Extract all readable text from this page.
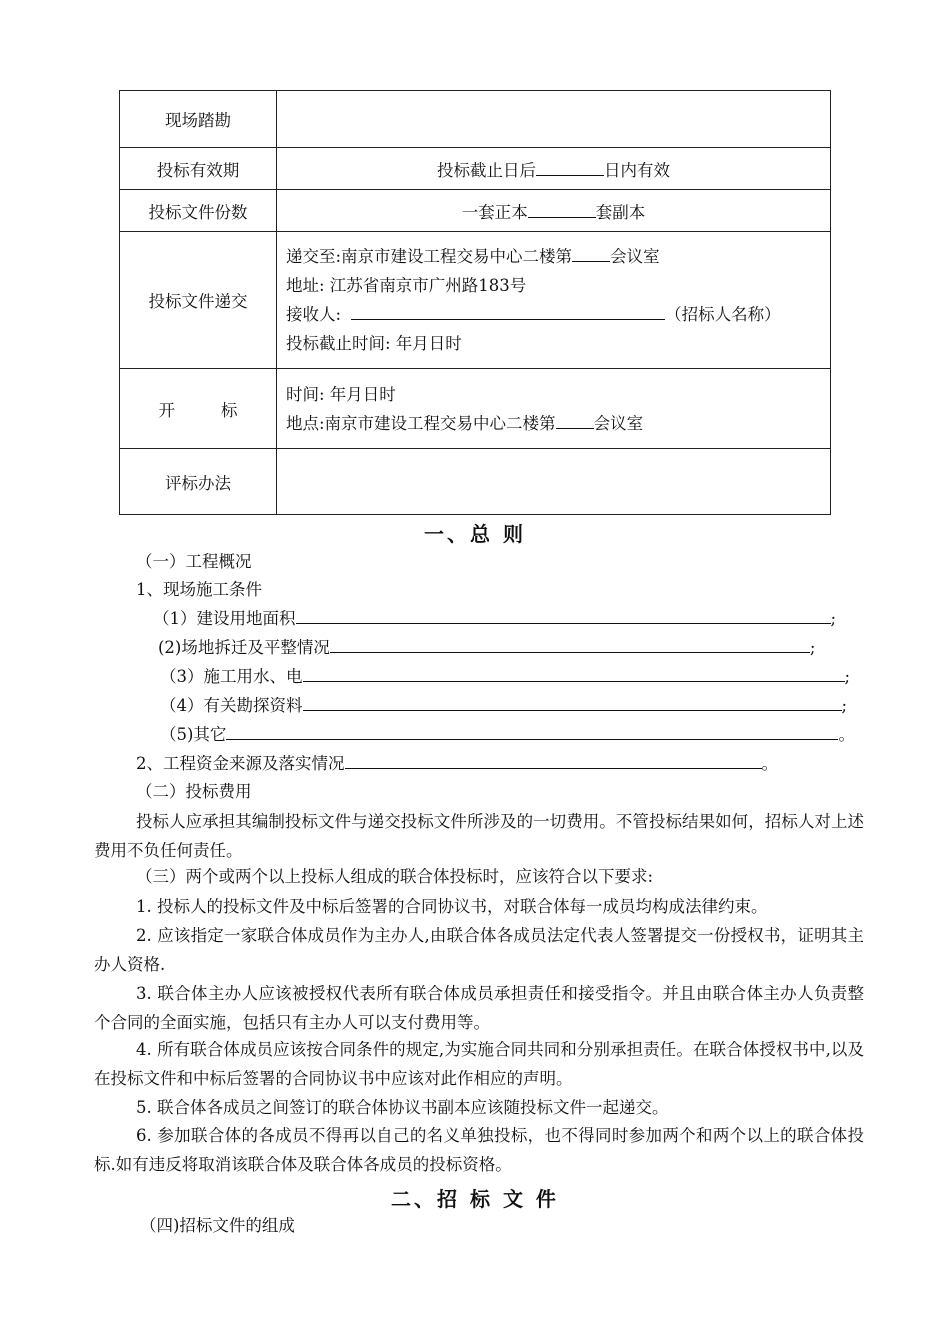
现场踏勘	
投标有效期	投标截止日后 日内有效
投标文件份数	一套正本 套副本
投标文件递交	递交至:南京市建设工程交易中心二楼第 会议室
地址: 江苏省南京市广州路183号
接收人: （招标人名称）
投标截止时间: 年月日时

开 标	时间: 年月日时
地点:南京市建设工程交易中心二楼第 会议室

评标办法	
一、总 则
（一）工程概况
1、现场施工条件
（1）建设用地面积	;
(2)场地拆迁及平整情况	;
（3）施工用水、电	;
（4）有关勘探资料	;
（5)其它	。
2、工程资金来源及落实情况	。
（二）投标费用
投标人应承担其编制投标文件与递交投标文件所涉及的一切费用。不管投标结果如何，招标人对上述费用不负任何责任。
（三）两个或两个以上投标人组成的联合体投标时，应该符合以下要求:
1. 投标人的投标文件及中标后签署的合同协议书，对联合体每一成员均构成法律约束。
2. 应该指定一家联合体成员作为主办人,由联合体各成员法定代表人签署提交一份授权书，证明其主办人资格.
3. 联合体主办人应该被授权代表所有联合体成员承担责任和接受指令。并且由联合体主办人负责整个合同的全面实施，包括只有主办人可以支付费用等。
4. 所有联合体成员应该按合同条件的规定,为实施合同共同和分别承担责任。在联合体授权书中,以及在投标文件和中标后签署的合同协议书中应该对此作相应的声明。
5. 联合体各成员之间签订的联合体协议书副本应该随投标文件一起递交。
6. 参加联合体的各成员不得再以自己的名义单独投标，也不得同时参加两个和两个以上的联合体投标.如有违反将取消该联合体及联合体各成员的投标资格。
二、招 标 文 件
（四)招标文件的组成
